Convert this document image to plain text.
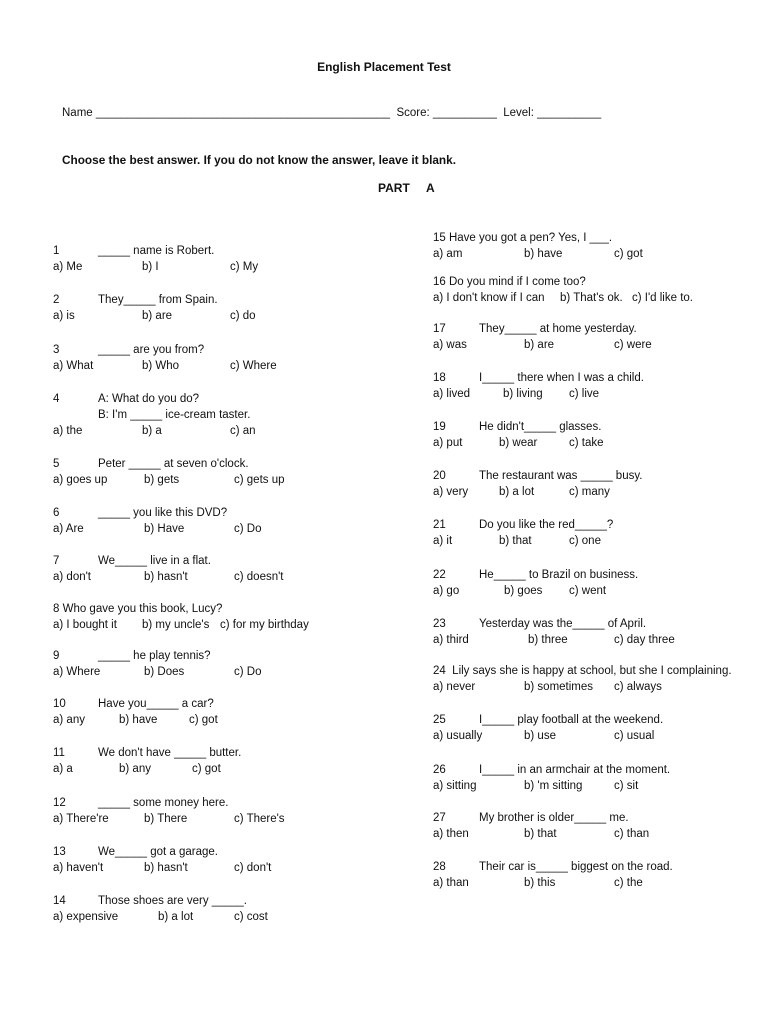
English Placement Test
Name ______________________________________________ Score: __________ Level: __________
Choose the best answer. If you do not know the answer, leave it blank.
PART     A
1	_____ name is Robert.
a) Me	b) I	c) My
2	They_____ from Spain.
a) is	b) are	c) do
3	_____ are you from?
a) What	b) Who	c) Where
4	A: What do you do?
B: I'm _____ ice-cream taster.
a) the	b) a	c) an
5	Peter _____ at seven o'clock.
a) goes up	b) gets	c) gets up
6	_____ you like this DVD?
a) Are	b) Have	c) Do
7	We_____ live in a flat.
a) don't	b) hasn't	c) doesn't
8 Who gave you this book, Lucy?
a) I bought it b) my uncle's c) for my birthday
9	_____ he play tennis?
a) Where	b) Does	c) Do
10	Have you_____ a car?
a) any	b) have	c) got
11	We don't have _____ butter.
a) a	b) any	c) got
12	_____ some money here.
a) There're	b) There	c) There's
13	We_____ got a garage.
a) haven't	b) hasn't	c) don't
14	Those shoes are very _____.
a) expensive	b) a lot	c) cost
15 Have you got a pen? Yes, I ___.
a) am	b) have	c) got
16 Do you mind if I come too?
a) I don't know if I can b) That's ok. c) I'd like to.
17	They_____ at home yesterday.
a) was	b) are	c) were
18	I_____ there when I was a child.
a) lived	b) living c) live
19	He didn't_____ glasses.
a) put	b) wear	c) take
20	The restaurant was _____ busy.
a) very	b) a lot	c) many
21	Do you like the red_____?
a) it	b) that	c) one
22	He_____ to Brazil on business.
a) go	b) goes c) went
23	Yesterday was the_____ of April.
a) third	b) three	c) day three
24  Lily says she is happy at school, but she I complaining.
a) never	b) sometimes c) always
25	I_____ play football at the weekend.
a) usually	b) use	c) usual
26	I_____ in an armchair at the moment.
a) sitting	b) 'm sitting	c) sit
27	My brother is older_____ me.
a) then	b) that	c) than
28	Their car is_____ biggest on the road.
a) than	b) this	c) the
